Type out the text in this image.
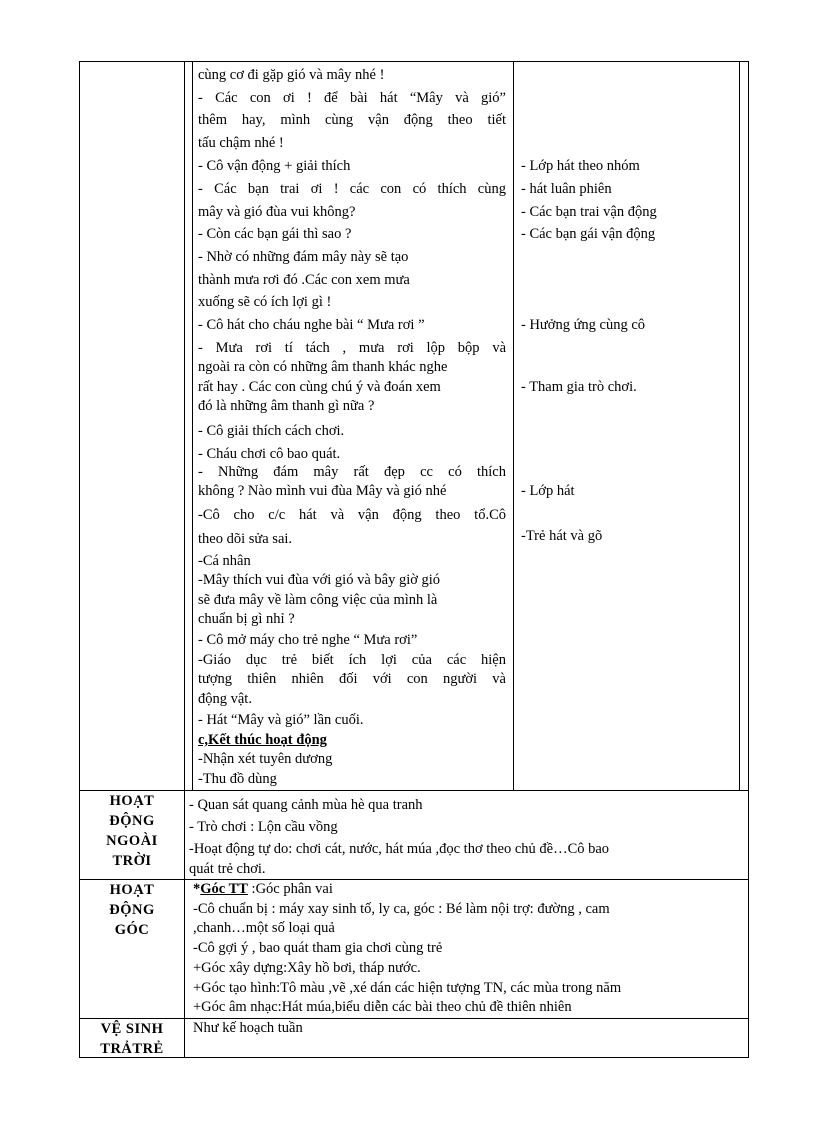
cùng cơ đi gặp gió và mây nhé !
- Các con ơi ! để bài hát “Mây và gió”
thêm hay, mình cùng vận động theo tiết
tấu chậm nhé !
- Cô vận động + giải thích
- Các bạn trai ơi ! các con có thích cùng
mây và gió đùa vui không?
- Còn các bạn gái thì sao ?
- Nhờ có những đám mây này sẽ tạo
thành mưa rơi đó .Các con xem mưa
xuống sẽ có ích lợi gì !
- Cô hát cho cháu nghe bài “ Mưa rơi ”
- Mưa rơi tí tách , mưa rơi lộp bộp và
ngoài ra còn có những âm thanh khác nghe
rất hay . Các con cùng chú ý và đoán xem
đó là những âm thanh gì nữa ?
- Cô giải thích cách chơi.
- Cháu chơi cô bao quát.
- Những đám mây rất đẹp cc có thích
không ? Nào mình vui đùa Mây và gió nhé
-Cô cho c/c hát và vận động theo tổ.Cô
theo dõi sửa sai.
-Cá nhân
-Mây thích vui đùa với gió và bây giờ gió
sẽ đưa mây về làm công việc của mình là
chuẩn bị gì nhỉ ?
- Cô mở máy cho trẻ nghe “ Mưa rơi”
-Giáo dục trẻ biết ích lợi của các hiện
tượng thiên nhiên đối với con người và
động vật.
- Hát “Mây và gió” lần cuối.
c,Kết thúc hoạt động
-Nhận xét tuyên dương
-Thu đồ dùng
- Lớp hát theo nhóm
- hát luân phiên
- Các bạn trai vận động
- Các bạn gái vận động
- Hưởng ứng cùng cô
- Tham gia trò chơi.
- Lớp hát
-Trẻ hát và gõ
HOẠT
ĐỘNG
NGOÀI
TRỜI
- Quan sát quang cảnh mùa hè qua tranh
- Trò chơi : Lộn cầu vồng
-Hoạt động tự do: chơi cát, nước, hát múa ,đọc thơ theo chủ đề…Cô bao
quát trẻ chơi.
HOẠT
ĐỘNG
GÓC
*Góc TT :Góc phân vai
-Cô chuẩn bị : máy xay sinh tố, ly ca, góc : Bé làm nội trợ: đường , cam
,chanh…một số loại quả
-Cô gợi ý , bao quát tham gia chơi cùng trẻ
+Góc xây dựng:Xây hồ bơi, tháp nước.
+Góc tạo hình:Tô màu ,vẽ ,xé dán các hiện tượng TN, các mùa trong năm
+Góc âm nhạc:Hát múa,biểu diễn các bài theo chủ đề thiên nhiên
VỆ SINH
TRẢTRẺ
Như kế hoạch tuần
